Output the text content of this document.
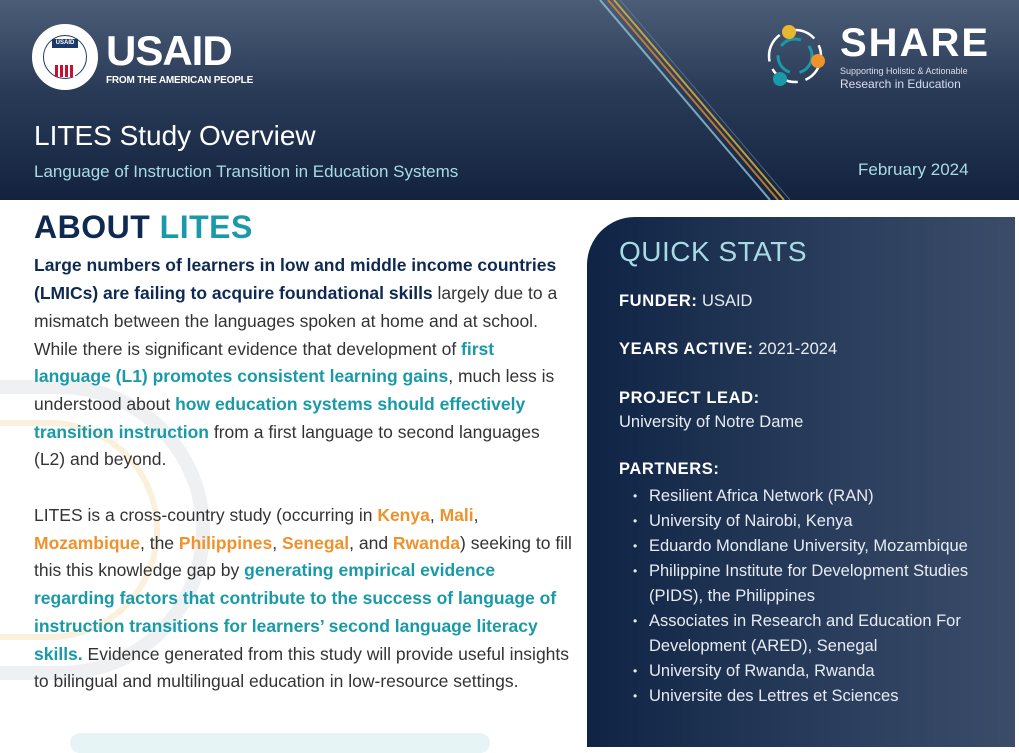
USAID USAID
FROM THE AMERICAN PEOPLE
SHARE
Supporting Holistic & Actionable
Research in Education
LITES Study Overview
Language of Instruction Transition in Education Systems	February 2024
ABOUT LITES

Large numbers of learners in low and middle income countries (LMICs) are failing to acquire foundational skills largely due to a mismatch between the languages spoken at home and at school. While there is significant evidence that development of first language (L1) promotes consistent learning gains, much less is understood about how education systems should effectively transition instruction from a first language to second languages (L2) and beyond.

LITES is a cross-country study (occurring in Kenya, Mali, Mozambique, the Philippines, Senegal, and Rwanda) seeking to fill this this knowledge gap by generating empirical evidence regarding factors that contribute to the success of language of instruction transitions for learners’ second language literacy skills. Evidence generated from this study will provide useful insights to bilingual and multilingual education in low-resource settings.

QUICK STATS
FUNDER: USAID
YEARS ACTIVE: 2021-2024
PROJECT LEAD:
University of Notre Dame
PARTNERS:
• Resilient Africa Network (RAN)
• University of Nairobi, Kenya
• Eduardo Mondlane University, Mozambique
• Philippine Institute for Development Studies (PIDS), the Philippines
• Associates in Research and Education For Development (ARED), Senegal
• University of Rwanda, Rwanda
• Universite des Lettres et Sciences
